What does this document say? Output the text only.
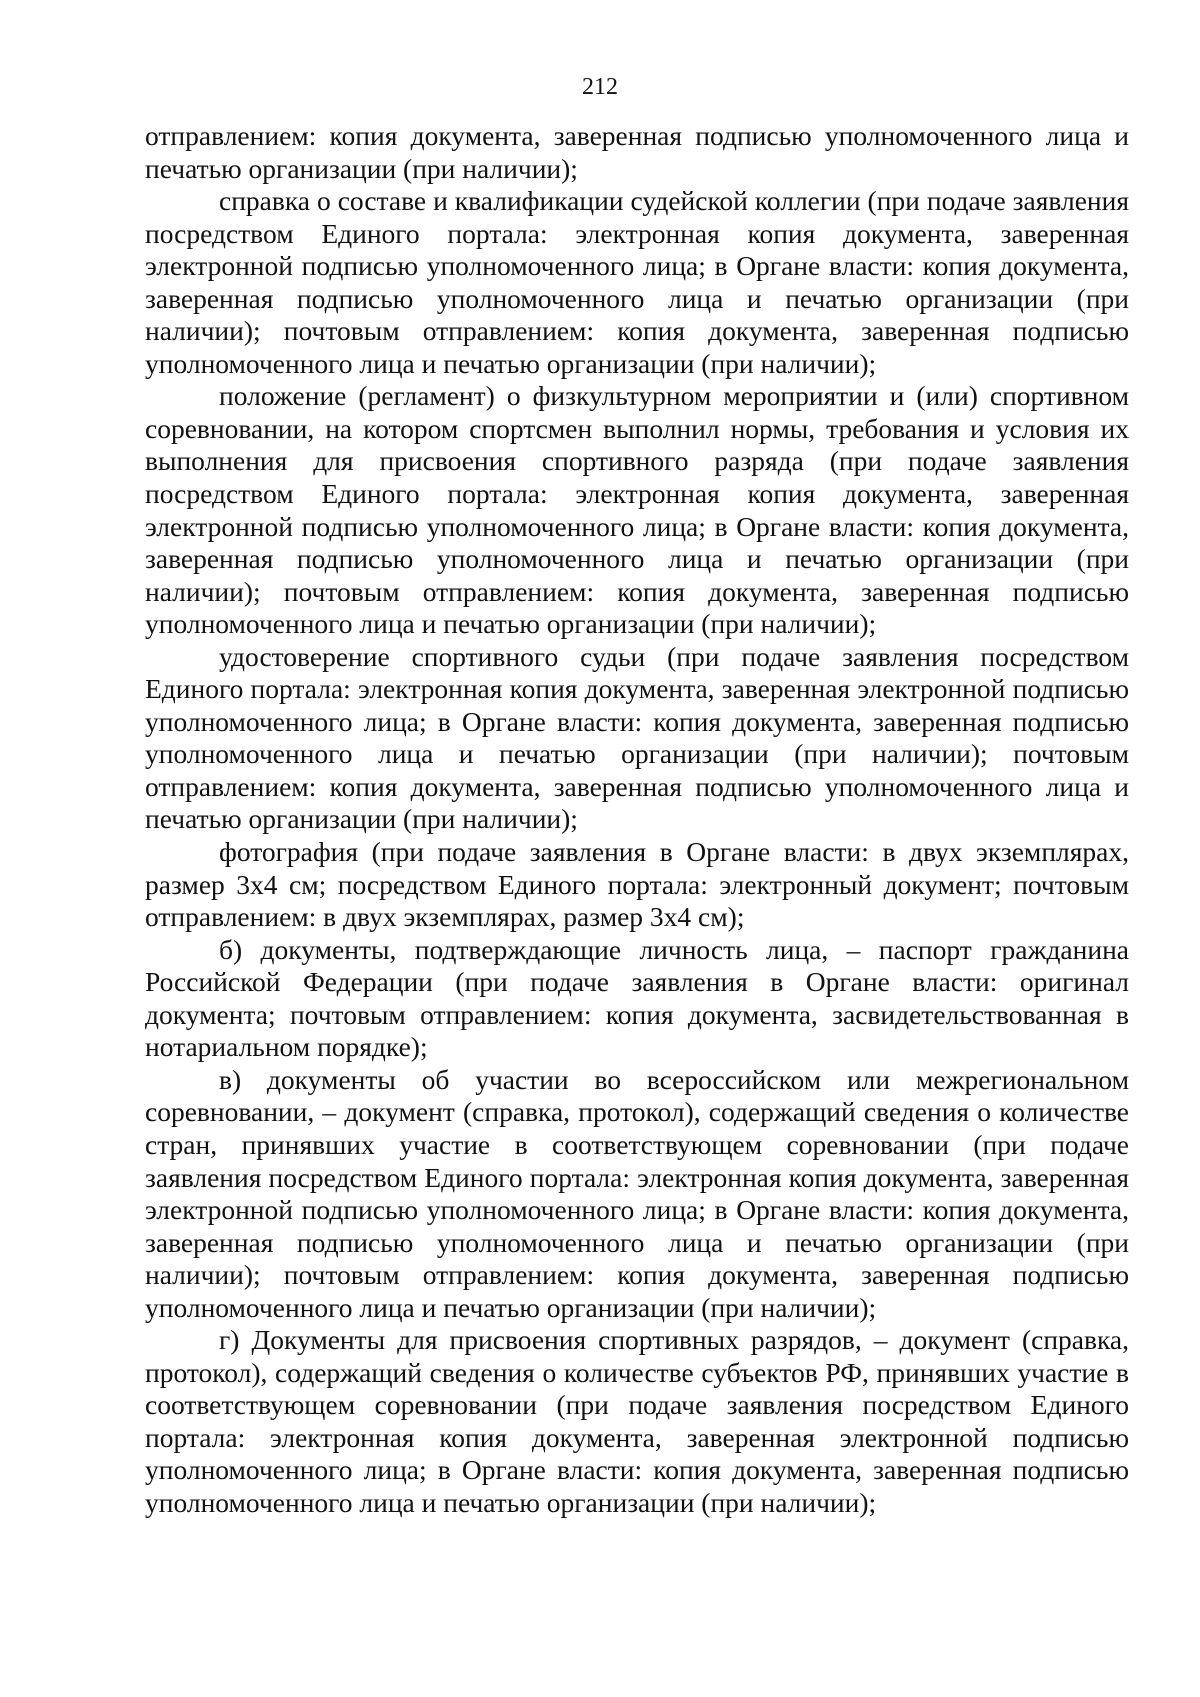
212

отправлением: копия документа, заверенная подписью уполномоченного лица и печатью организации (при наличии);

справка о составе и квалификации судейской коллегии (при подаче заявления посредством Единого портала: электронная копия документа, заверенная электронной подписью уполномоченного лица; в Органе власти: копия документа, заверенная подписью уполномоченного лица и печатью организации (при наличии); почтовым отправлением: копия документа, заверенная подписью уполномоченного лица и печатью организации (при наличии);

положение (регламент) о физкультурном мероприятии и (или) спортивном соревновании, на котором спортсмен выполнил нормы, требования и условия их выполнения для присвоения спортивного разряда (при подаче заявления посредством Единого портала: электронная копия документа, заверенная электронной подписью уполномоченного лица; в Органе власти: копия документа, заверенная подписью уполномоченного лица и печатью организации (при наличии); почтовым отправлением: копия документа, заверенная подписью уполномоченного лица и печатью организации (при наличии);

удостоверение спортивного судьи (при подаче заявления посредством Единого портала: электронная копия документа, заверенная электронной подписью уполномоченного лица; в Органе власти: копия документа, заверенная подписью уполномоченного лица и печатью организации (при наличии); почтовым отправлением: копия документа, заверенная подписью уполномоченного лица и печатью организации (при наличии);

фотография (при подаче заявления в Органе власти: в двух экземплярах, размер 3х4 см; посредством Единого портала: электронный документ; почтовым отправлением: в двух экземплярах, размер 3х4 см);

б) документы, подтверждающие личность лица, – паспорт гражданина Российской Федерации (при подаче заявления в Органе власти: оригинал документа; почтовым отправлением: копия документа, засвидетельствованная в нотариальном порядке);

в) документы об участии во всероссийском или межрегиональном соревновании, – документ (справка, протокол), содержащий сведения о количестве стран, принявших участие в соответствующем соревновании (при подаче заявления посредством Единого портала: электронная копия документа, заверенная электронной подписью уполномоченного лица; в Органе власти: копия документа, заверенная подписью уполномоченного лица и печатью организации (при наличии); почтовым отправлением: копия документа, заверенная подписью уполномоченного лица и печатью организации (при наличии);

г) Документы для присвоения спортивных разрядов, – документ (справка, протокол), содержащий сведения о количестве субъектов РФ, принявших участие в соответствующем соревновании (при подаче заявления посредством Единого портала: электронная копия документа, заверенная электронной подписью уполномоченного лица; в Органе власти: копия документа, заверенная подписью уполномоченного лица и печатью организации (при наличии);
